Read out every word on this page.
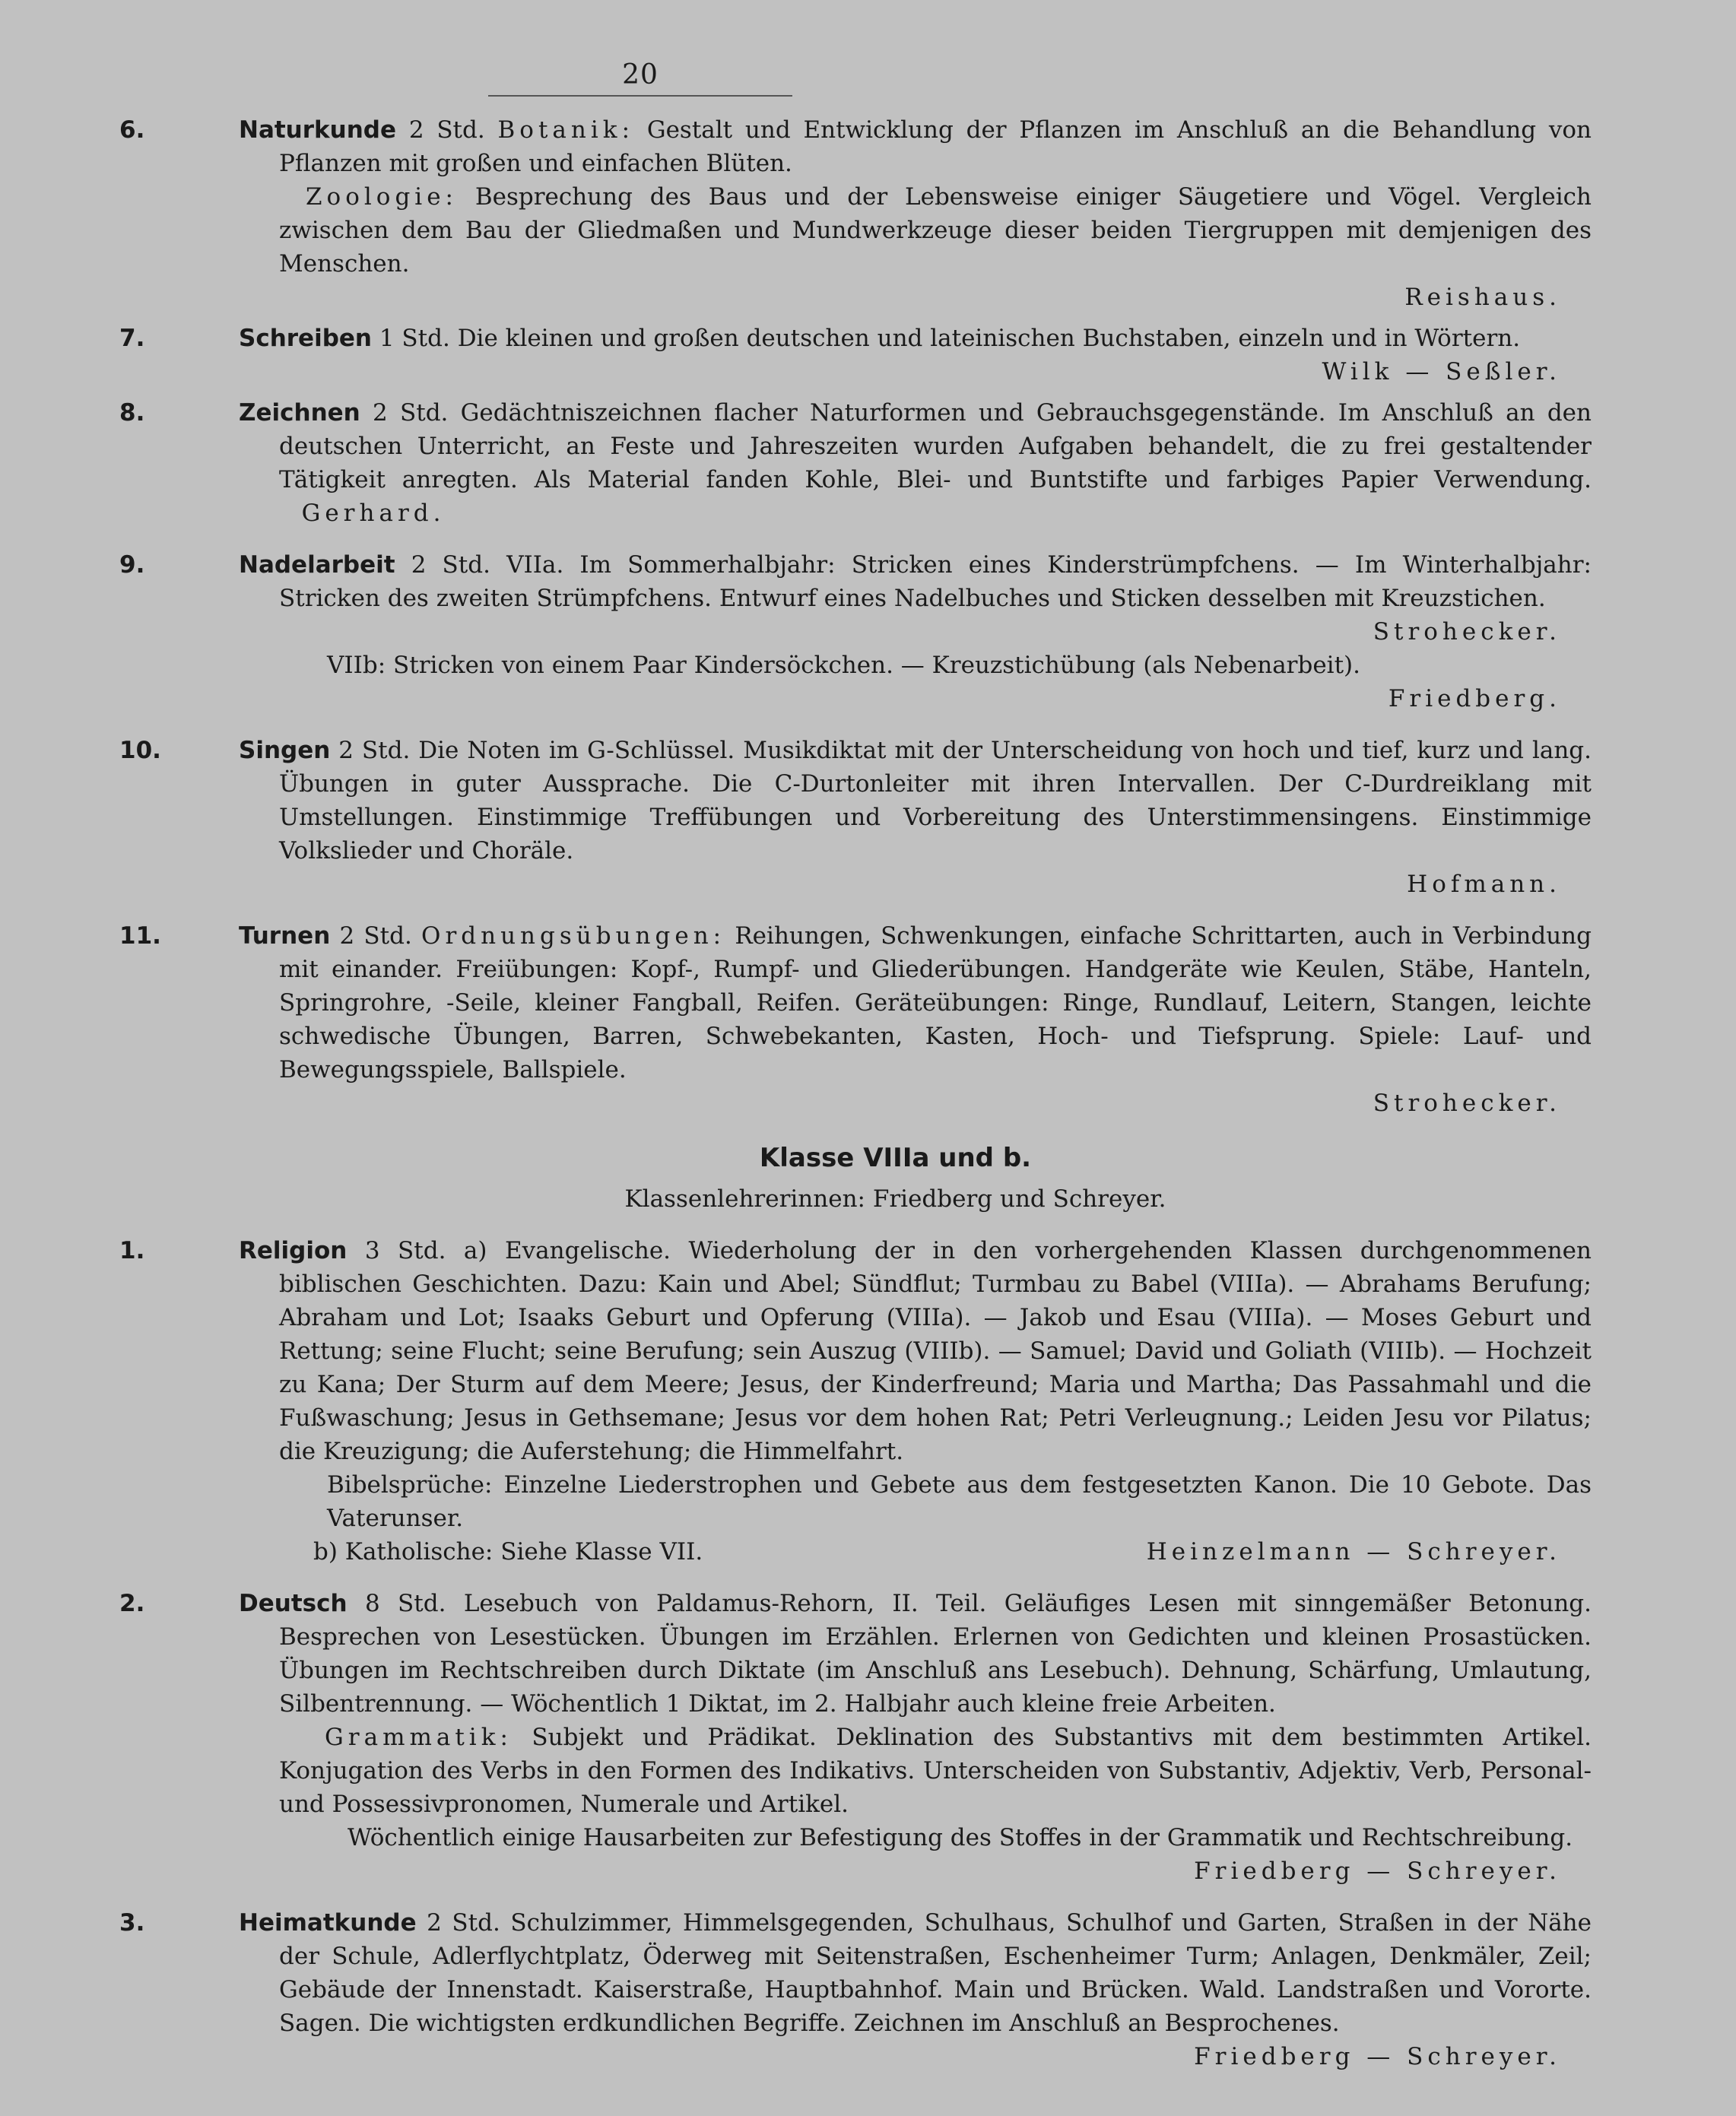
20

6.	Naturkunde 2 Std. Botanik: Gestalt und Entwicklung der Pflanzen im Anschluß an die Behandlung von Pflanzen mit großen und einfachen Blüten.

Zoologie: Besprechung des Baus und der Lebensweise einiger Säugetiere und Vögel. Vergleich zwischen dem Bau der Gliedmaßen und Mundwerkzeuge dieser beiden Tiergruppen mit demjenigen des Menschen.

Reishaus.

7.	Schreiben 1 Std. Die kleinen und großen deutschen und lateinischen Buchstaben, einzeln und in Wörtern.

Wilk — Seßler.

8.	Zeichnen 2 Std. Gedächtniszeichnen flacher Naturformen und Gebrauchsgegenstände. Im Anschluß an den deutschen Unterricht, an Feste und Jahreszeiten wurden Aufgaben behandelt, die zu frei gestaltender Tätigkeit anregten. Als Material fanden Kohle, Blei- und Buntstifte und farbiges Papier Verwendung.    Gerhard.

9.	Nadelarbeit 2 Std. VIIa. Im Sommerhalbjahr: Stricken eines Kinderstrümpfchens. — Im Winterhalbjahr: Stricken des zweiten Strümpfchens. Entwurf eines Nadelbuches und Sticken desselben mit Kreuzstichen.

Strohecker.

VIIb: Stricken von einem Paar Kindersöckchen. — Kreuzstichübung (als Nebenarbeit).

Friedberg.

10.	Singen 2 Std. Die Noten im G-Schlüssel. Musikdiktat mit der Unterscheidung von hoch und tief, kurz und lang. Übungen in guter Aussprache. Die C-Durtonleiter mit ihren Intervallen. Der C-Durdreiklang mit Umstellungen. Einstimmige Treffübungen und Vorbereitung des Unterstimmensingens. Einstimmige Volkslieder und Choräle.

Hofmann.

11.	Turnen 2 Std. Ordnungsübungen: Reihungen, Schwenkungen, einfache Schrittarten, auch in Verbindung mit einander. Freiübungen: Kopf-, Rumpf- und Gliederübungen. Handgeräte wie Keulen, Stäbe, Hanteln, Springrohre, -Seile, kleiner Fangball, Reifen. Geräteübungen: Ringe, Rundlauf, Leitern, Stangen, leichte schwedische Übungen, Barren, Schwebekanten, Kasten, Hoch- und Tiefsprung. Spiele: Lauf- und Bewegungsspiele, Ballspiele.

Strohecker.

Klasse VIIIa und b.

Klassenlehrerinnen: Friedberg und Schreyer.

1.	Religion 3 Std. a) Evangelische. Wiederholung der in den vorhergehenden Klassen durchgenommenen biblischen Geschichten. Dazu: Kain und Abel; Sündflut; Turmbau zu Babel (VIIIa). — Abrahams Berufung; Abraham und Lot; Isaaks Geburt und Opferung (VIIIa). — Jakob und Esau (VIIIa). — Moses Geburt und Rettung; seine Flucht; seine Berufung; sein Auszug (VIIIb). — Samuel; David und Goliath (VIIIb). — Hochzeit zu Kana; Der Sturm auf dem Meere; Jesus, der Kinderfreund; Maria und Martha; Das Passahmahl und die Fußwaschung; Jesus in Gethsemane; Jesus vor dem hohen Rat; Petri Verleugnung.; Leiden Jesu vor Pilatus; die Kreuzigung; die Auferstehung; die Himmelfahrt.

Bibelsprüche: Einzelne Liederstrophen und Gebete aus dem festgesetzten Kanon. Die 10 Gebote. Das Vaterunser.

b) Katholische: Siehe Klasse VII.	Heinzelmann — Schreyer.

2.	Deutsch 8 Std. Lesebuch von Paldamus-Rehorn, II. Teil. Geläufiges Lesen mit sinngemäßer Betonung. Besprechen von Lesestücken. Übungen im Erzählen. Erlernen von Gedichten und kleinen Prosastücken. Übungen im Rechtschreiben durch Diktate (im Anschluß ans Lesebuch). Dehnung, Schärfung, Umlautung, Silbentrennung. — Wöchentlich 1 Diktat, im 2. Halbjahr auch kleine freie Arbeiten.

Grammatik: Subjekt und Prädikat. Deklination des Substantivs mit dem bestimmten Artikel. Konjugation des Verbs in den Formen des Indikativs. Unterscheiden von Substantiv, Adjektiv, Verb, Personal- und Possessivpronomen, Numerale und Artikel.

Wöchentlich einige Hausarbeiten zur Befestigung des Stoffes in der Grammatik und Rechtschreibung.

Friedberg — Schreyer.

3.	Heimatkunde 2 Std. Schulzimmer, Himmelsgegenden, Schulhaus, Schulhof und Garten, Straßen in der Nähe der Schule, Adlerflychtplatz, Öderweg mit Seitenstraßen, Eschenheimer Turm; Anlagen, Denkmäler, Zeil; Gebäude der Innenstadt. Kaiserstraße, Hauptbahnhof. Main und Brücken. Wald. Landstraßen und Vororte. Sagen. Die wichtigsten erdkundlichen Begriffe. Zeichnen im Anschluß an Besprochenes.

Friedberg — Schreyer.
